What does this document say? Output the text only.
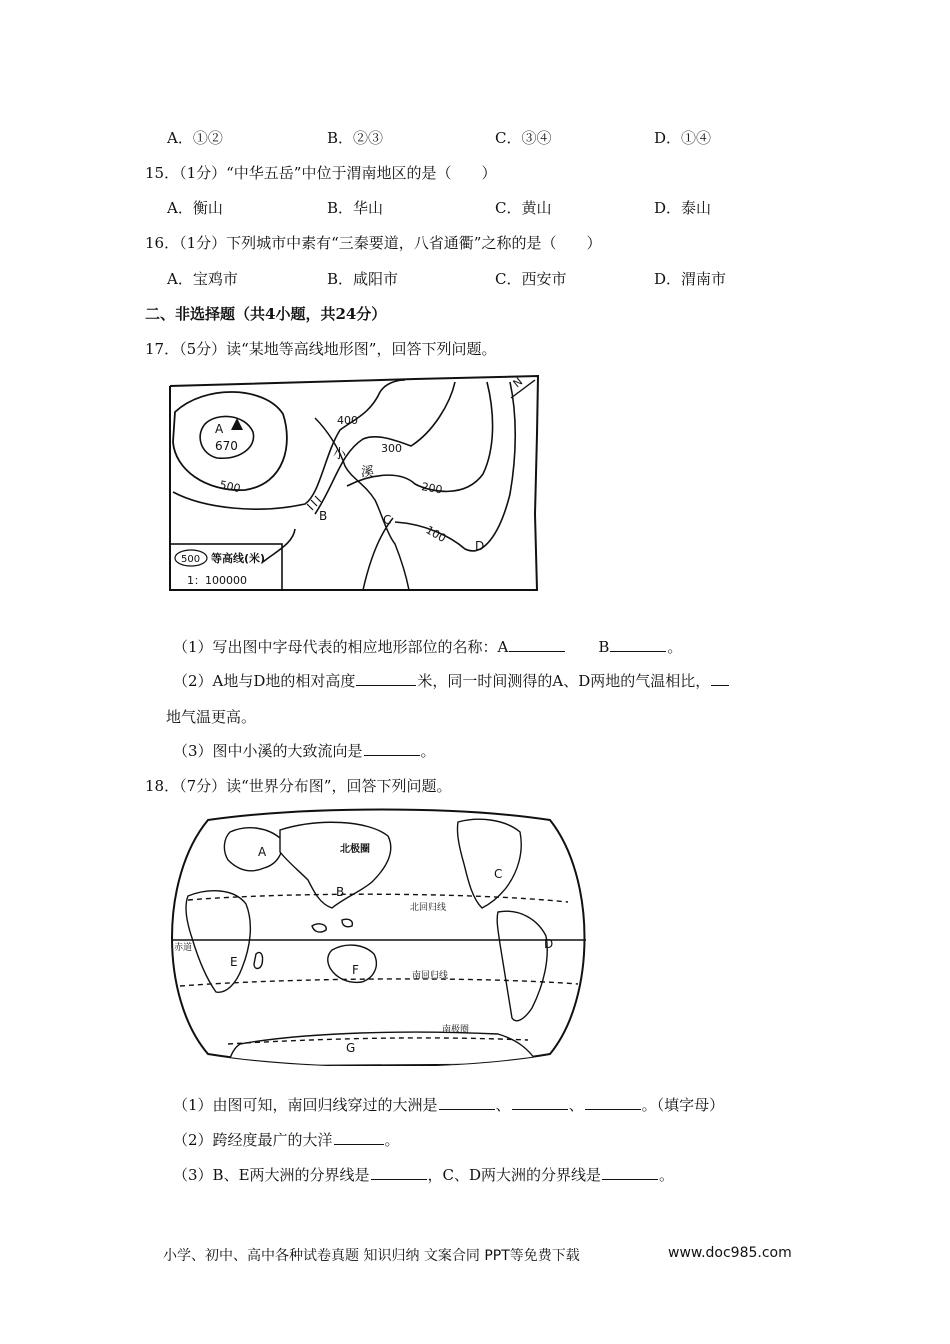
A．①②	B．②③	C．③④	D．①④
15．（1分）“中华五岳”中位于渭南地区的是（　　）
A．衡山	B．华山	C．黄山	D．泰山
16．（1分）下列城市中素有“三秦要道，八省通衢”之称的是（　　）
A．宝鸡市	B．咸阳市	C．西安市	D．渭南市
二、非选择题（共4小题，共24分）
17．（5分）读“某地等高线地形图”，回答下列问题。
A
670
500
400
300
200
100
小
溪
B	C
D
N
500 等高线(米)
1：100000
（1）写出图中字母代表的相应地形部位的名称：A	B	。
（2）A地与D地的相对高度	米，同一时间测得的A、D两地的气温相比，
地气温更高。
（3）图中小溪的大致流向是	。
18．（7分）读“世界分布图”，回答下列问题。
A
B
C
D
E
F
G
北极圈
北回归线
赤道
南回归线
南极圈
（1）由图可知，南回归线穿过的大洲是	、	、	。（填字母）
（2）跨经度最广的大洋	。
（3）B、E两大洲的分界线是	，C、D两大洲的分界线是	。
小学、初中、高中各种试卷真题 知识归纳 文案合同 PPT等免费下载	www.doc985.com
